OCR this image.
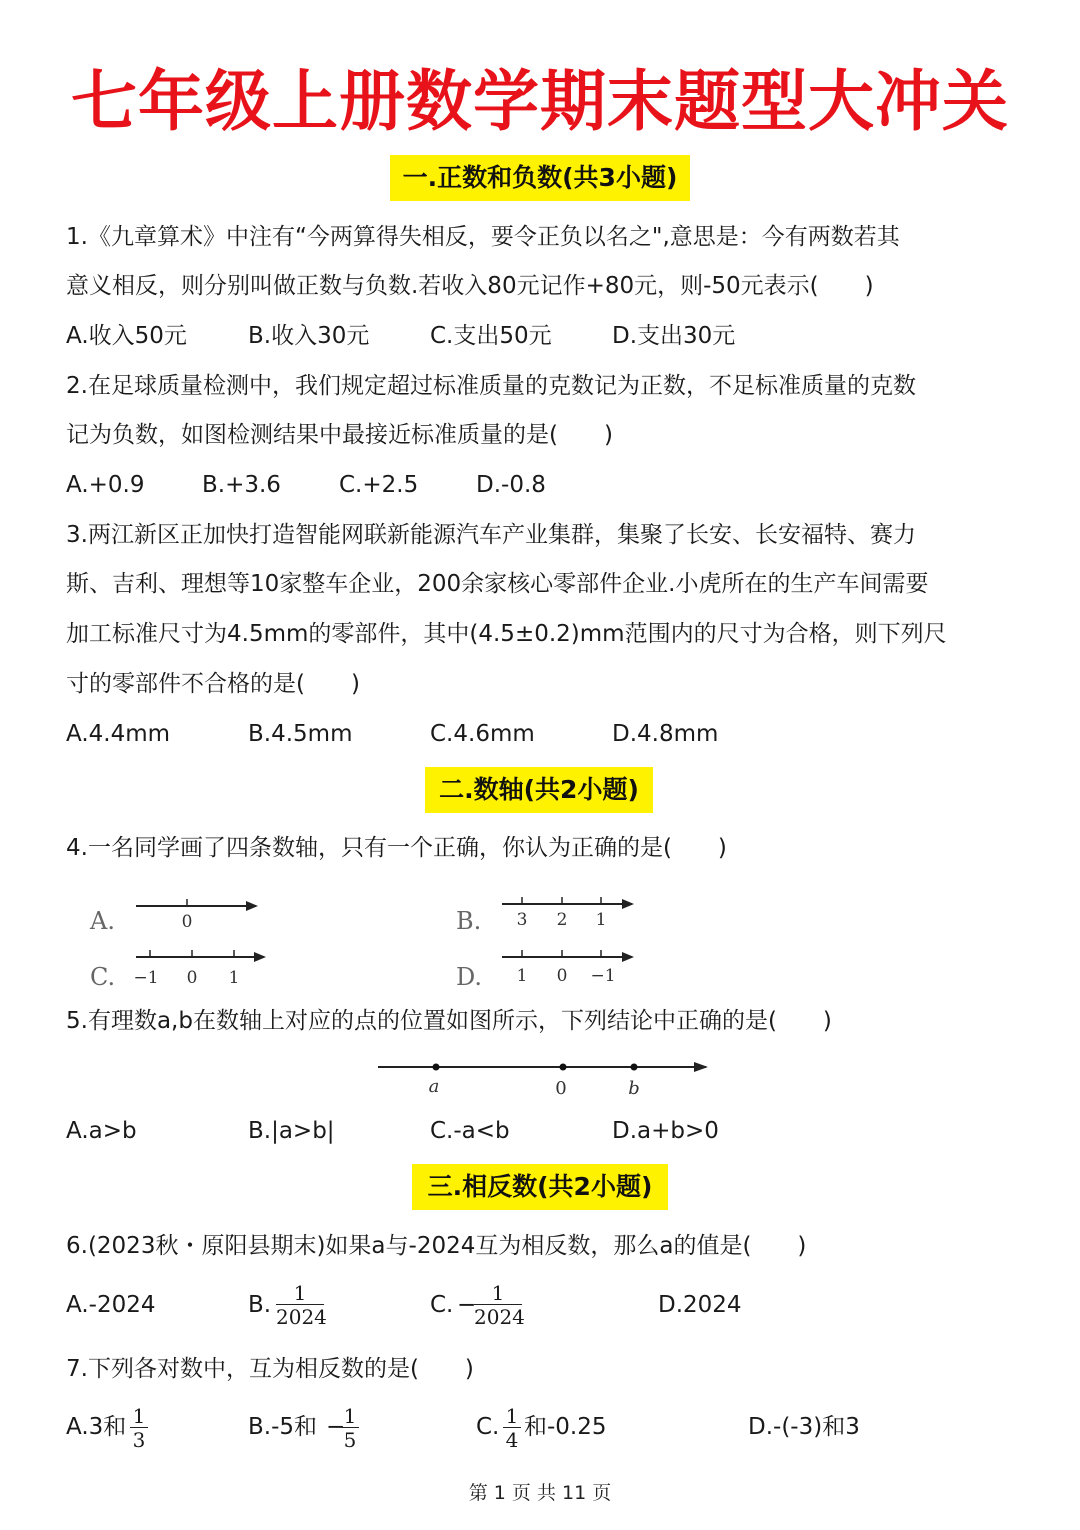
七年级上册数学期末题型大冲关
一.正数和负数(共3小题)
1.《九章算术》中注有“今两算得失相反，要令正负以名之",意思是：今有两数若其
意义相反，则分别叫做正数与负数.若收入80元记作+80元，则-50元表示(　　)
A.收入50元	B.收入30元	C.支出50元	D.支出30元
2.在足球质量检测中，我们规定超过标准质量的克数记为正数，不足标准质量的克数
记为负数，如图检测结果中最接近标准质量的是(　　)
A.+0.9	B.+3.6	C.+2.5	D.-0.8
3.两江新区正加快打造智能网联新能源汽车产业集群，集聚了长安、长安福特、赛力
斯、吉利、理想等10家整车企业，200余家核心零部件企业.小虎所在的生产车间需要
加工标准尺寸为4.5mm的零部件，其中(4.5±0.2)mm范围内的尺寸为合格，则下列尺
寸的零部件不合格的是(　　)
A.4.4mm	B.4.5mm	C.4.6mm	D.4.8mm
二.数轴(共2小题)
4.一名同学画了四条数轴，只有一个正确，你认为正确的是(　　)
A.	0	B. 3 2 1
C. −1 0 1	D. 1 0 −1
5.有理数a,b在数轴上对应的点的位置如图所示，下列结论中正确的是(　　)
a	0	b
A.a>b	B.|a>b|	C.-a<b	D.a+b>0
三.相反数(共2小题)
6.(2023秋・原阳县期末)如果a与-2024互为相反数，那么a的值是(　　)
A.-2024	B.	1
2024	C. − 1
2024	D.2024
7.下列各对数中，互为相反数的是(　　)
A.3和 1
3	B.-5和 −
1
5	C. 1
4 和-0.25	D.-(-3)和3
第 1 页 共 11 页
